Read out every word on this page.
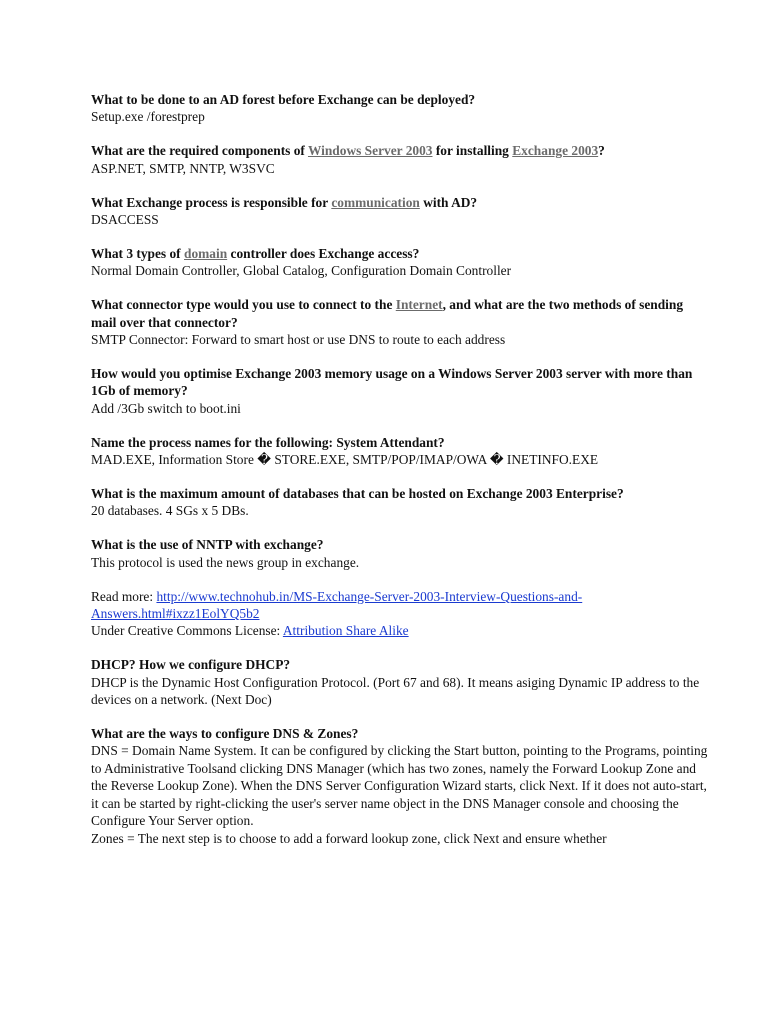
What to be done to an AD forest before Exchange can be deployed?

Setup.exe /forestprep

What are the required components of Windows Server 2003 for installing Exchange 2003?

ASP.NET, SMTP, NNTP, W3SVC

What Exchange process is responsible for communication with AD?

DSACCESS

What 3 types of domain controller does Exchange access?

Normal Domain Controller, Global Catalog, Configuration Domain Controller

What connector type would you use to connect to the Internet, and what are the two methods of sending mail over that connector?

SMTP Connector: Forward to smart host or use DNS to route to each address

How would you optimise Exchange 2003 memory usage on a Windows Server 2003 server with more than 1Gb of memory?

Add /3Gb switch to boot.ini

Name the process names for the following: System Attendant?

MAD.EXE, Information Store � STORE.EXE, SMTP/POP/IMAP/OWA � INETINFO.EXE

What is the maximum amount of databases that can be hosted on Exchange 2003 Enterprise?

20 databases. 4 SGs x 5 DBs.

What is the use of NNTP with exchange?

This protocol is used the news group in exchange.

Read more: http://www.technohub.in/MS-Exchange-Server-2003-Interview-Questions-and-Answers.html#ixzz1EolYQ5b2

Under Creative Commons License: Attribution Share Alike

DHCP? How we configure DHCP?

DHCP is the Dynamic Host Configuration Protocol. (Port 67 and 68). It means asiging Dynamic IP address to the devices on a network. (Next Doc)

What are the ways to configure DNS & Zones?

DNS = Domain Name System. It can be configured by clicking the Start button, pointing to the Programs, pointing to Administrative Toolsand clicking DNS Manager (which has two zones, namely the Forward Lookup Zone and the Reverse Lookup Zone). When the DNS Server Configuration Wizard starts, click Next. If it does not auto-start, it can be started by right-clicking the user's server name object in the DNS Manager console and choosing the Configure Your Server option.

Zones = The next step is to choose to add a forward lookup zone, click Next and ensure whether
